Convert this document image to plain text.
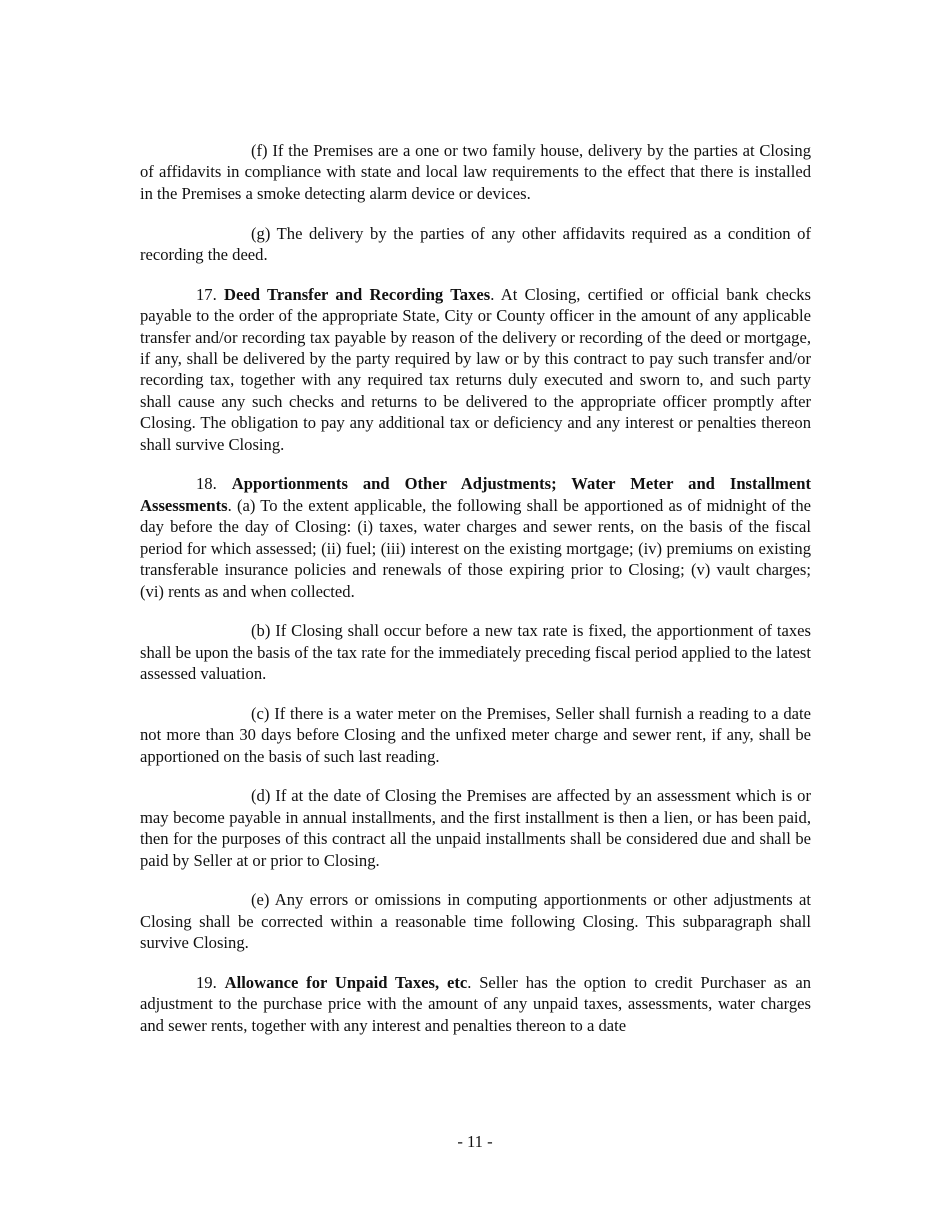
(f) If the Premises are a one or two family house, delivery by the parties at Closing of affidavits in compliance with state and local law requirements to the effect that there is installed in the Premises a smoke detecting alarm device or devices.

(g) The delivery by the parties of any other affidavits required as a condition of recording the deed.

17. Deed Transfer and Recording Taxes. At Closing, certified or official bank checks payable to the order of the appropriate State, City or County officer in the amount of any applicable transfer and/or recording tax payable by reason of the delivery or recording of the deed or mortgage, if any, shall be delivered by the party required by law or by this contract to pay such transfer and/or recording tax, together with any required tax returns duly executed and sworn to, and such party shall cause any such checks and returns to be delivered to the appropriate officer promptly after Closing. The obligation to pay any additional tax or deficiency and any interest or penalties thereon shall survive Closing.

18. Apportionments and Other Adjustments; Water Meter and Installment Assessments. (a) To the extent applicable, the following shall be apportioned as of midnight of the day before the day of Closing: (i) taxes, water charges and sewer rents, on the basis of the fiscal period for which assessed; (ii) fuel; (iii) interest on the existing mortgage; (iv) premiums on existing transferable insurance policies and renewals of those expiring prior to Closing; (v) vault charges; (vi) rents as and when collected.

(b) If Closing shall occur before a new tax rate is fixed, the apportionment of taxes shall be upon the basis of the tax rate for the immediately preceding fiscal period applied to the latest assessed valuation.

(c) If there is a water meter on the Premises, Seller shall furnish a reading to a date not more than 30 days before Closing and the unfixed meter charge and sewer rent, if any, shall be apportioned on the basis of such last reading.

(d) If at the date of Closing the Premises are affected by an assessment which is or may become payable in annual installments, and the first installment is then a lien, or has been paid, then for the purposes of this contract all the unpaid installments shall be considered due and shall be paid by Seller at or prior to Closing.

(e) Any errors or omissions in computing apportionments or other adjustments at Closing shall be corrected within a reasonable time following Closing. This subparagraph shall survive Closing.

19. Allowance for Unpaid Taxes, etc. Seller has the option to credit Purchaser as an adjustment to the purchase price with the amount of any unpaid taxes, assessments, water charges and sewer rents, together with any interest and penalties thereon to a date

- 11 -
